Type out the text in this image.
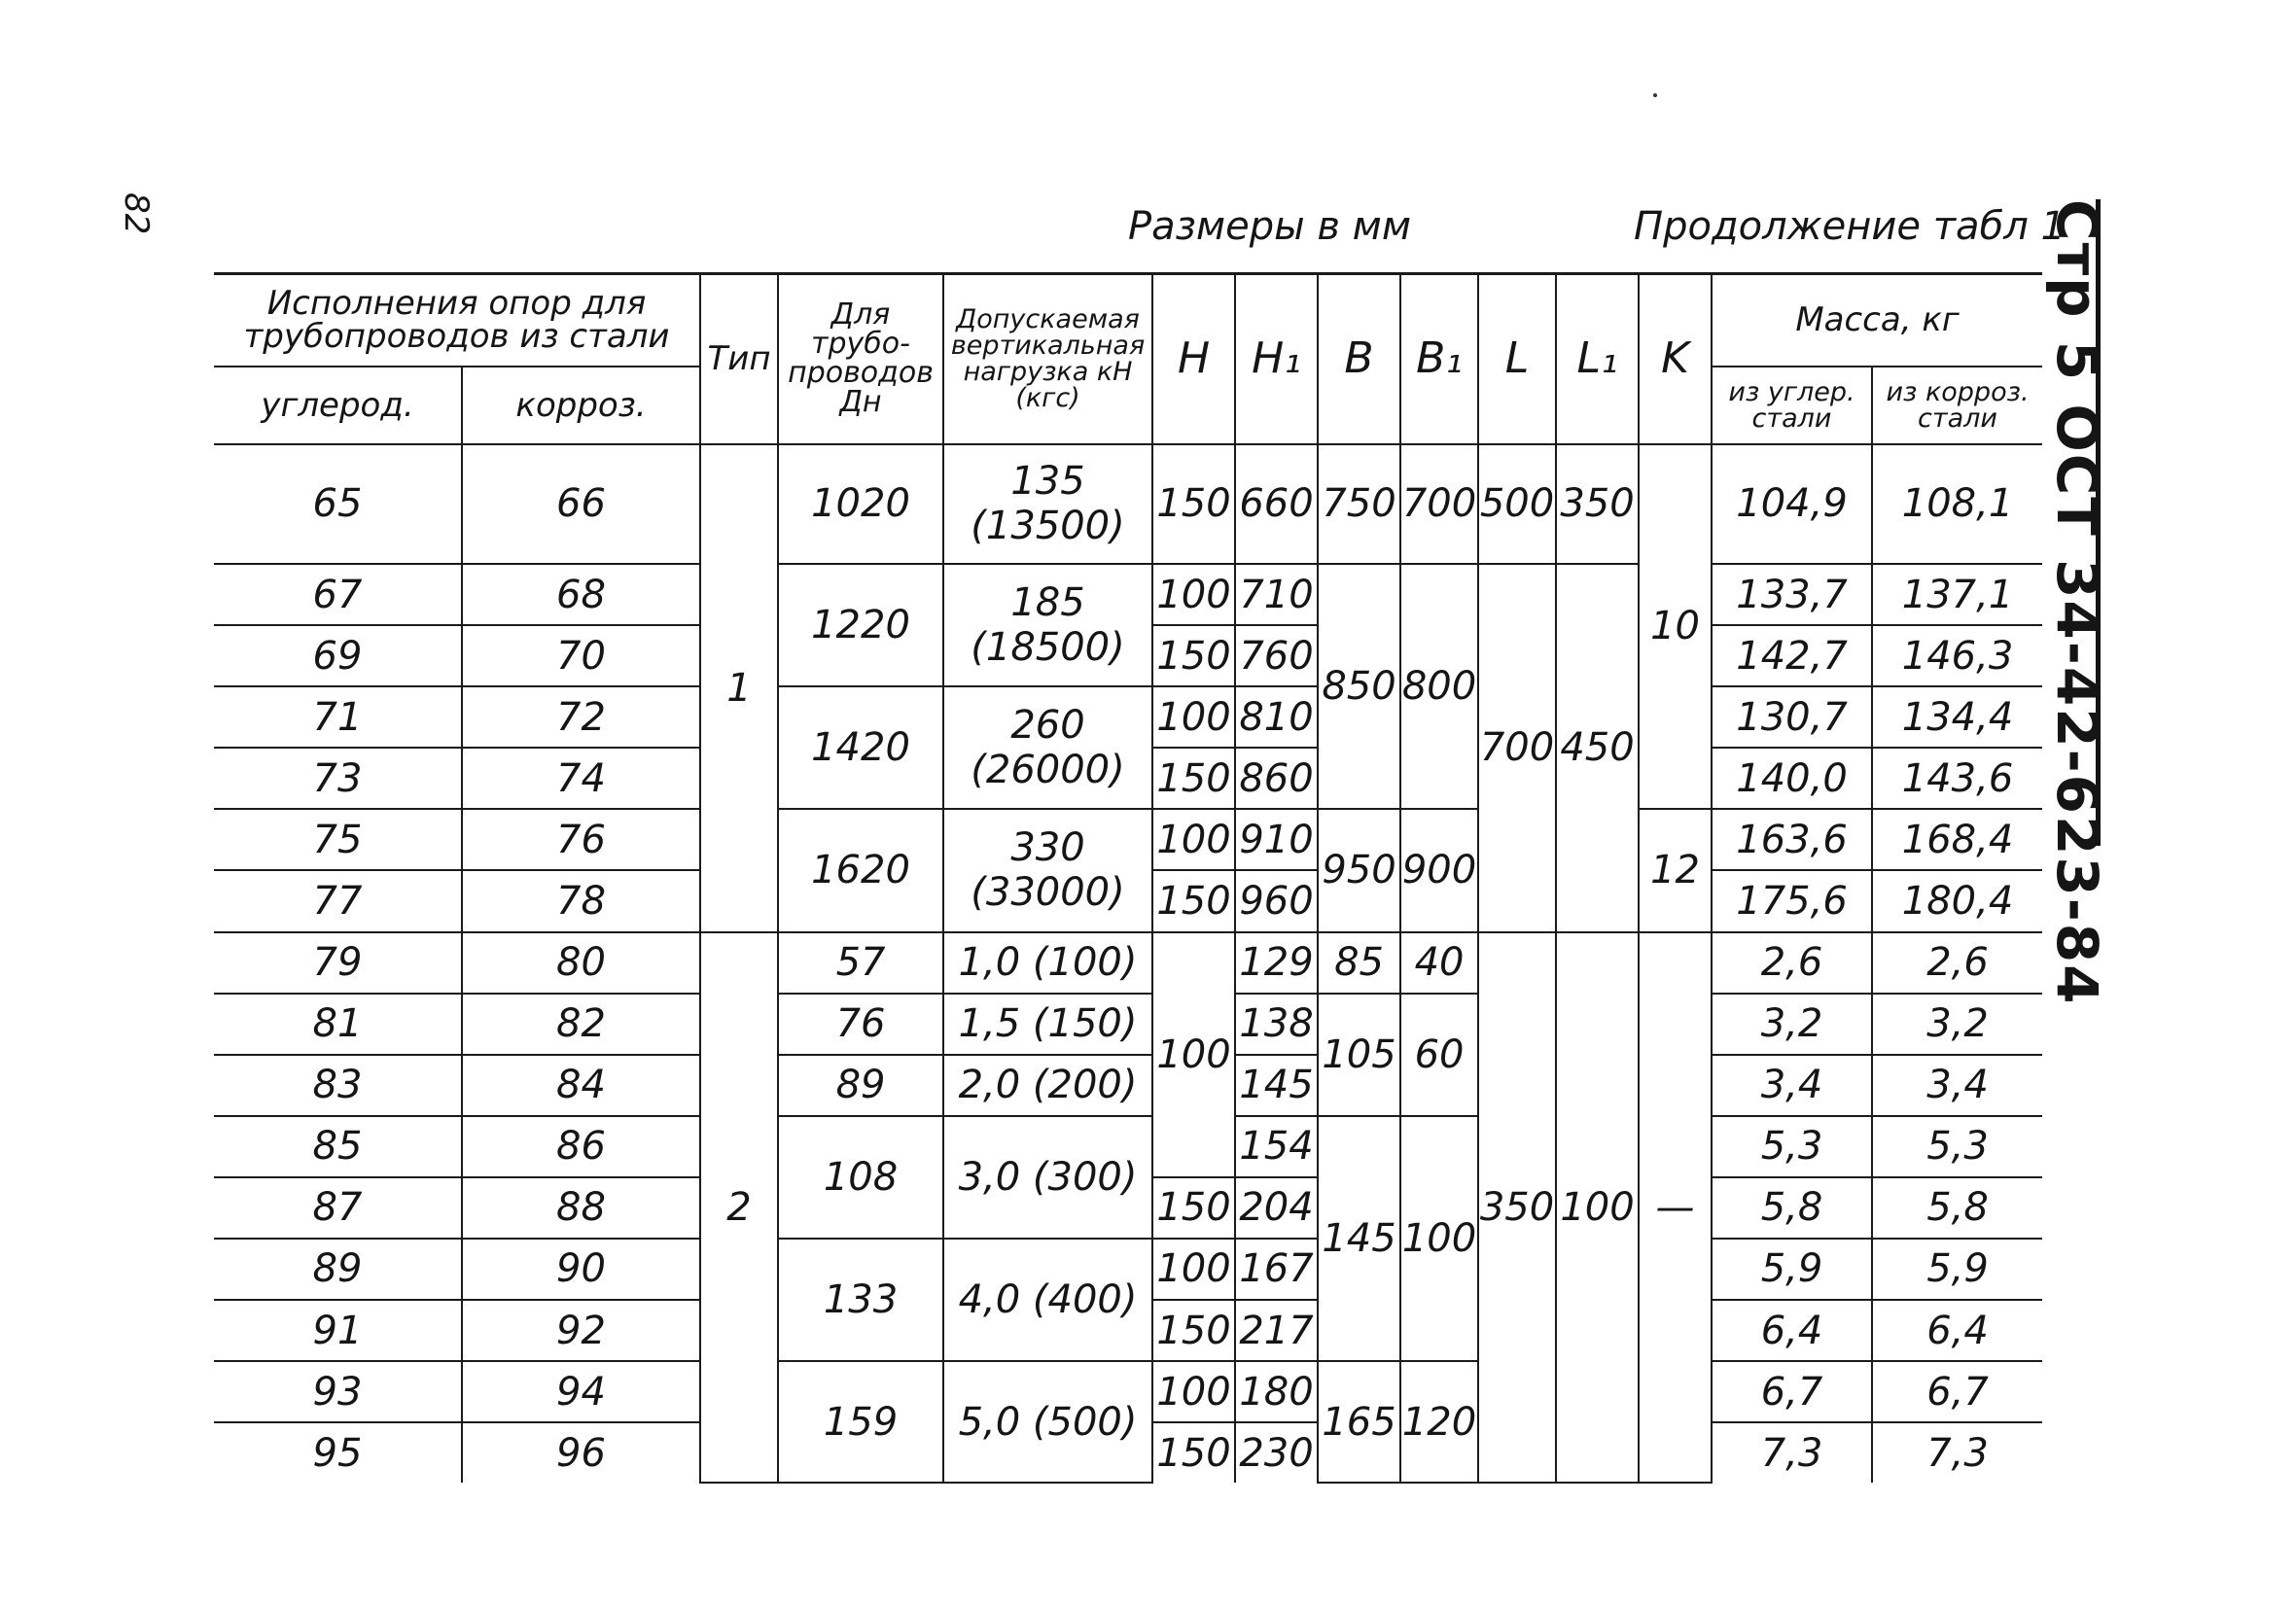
82	Размеры в мм	Продолжение табл 1
Стр 5 ОСТ 34-42-623-84
Исполнения опор для трубопроводов из стали		Тип	Для трубо-проводов Дн	Допускаемая вертикальная нагрузка кН (кгс)	H	H₁	B	B₁	L	L₁	K	Масса, кг	
углерод.	корроз.											из углер. стали	из корроз. стали
65	66	1	1020	135 (13500)	150	660	750	700	500	350	10	104,9	108,1
67	68		1220	185 (18500)	100	710	850	800	700	450		133,7	137,1
69	70				150	760						142,7	146,3
71	72		1420	260 (26000)	100	810						130,7	134,4
73	74				150	860						140,0	143,6
75	76		1620	330 (33000)	100	910	950	900			12	163,6	168,4
77	78				150	960						175,6	180,4
79	80	2	57	1,0 (100)	100	129	85	40	350	100	—	2,6	2,6
81	82		76	1,5 (150)		138	105	60				3,2	3,2
83	84		89	2,0 (200)		145						3,4	3,4
85	86		108	3,0 (300)		154	145	100				5,3	5,3
87	88				150	204						5,8	5,8
89	90		133	4,0 (400)	100	167						5,9	5,9
91	92				150	217						6,4	6,4
93	94		159	5,0 (500)	100	180	165	120				6,7	6,7
95	96				150	230						7,3	7,3
